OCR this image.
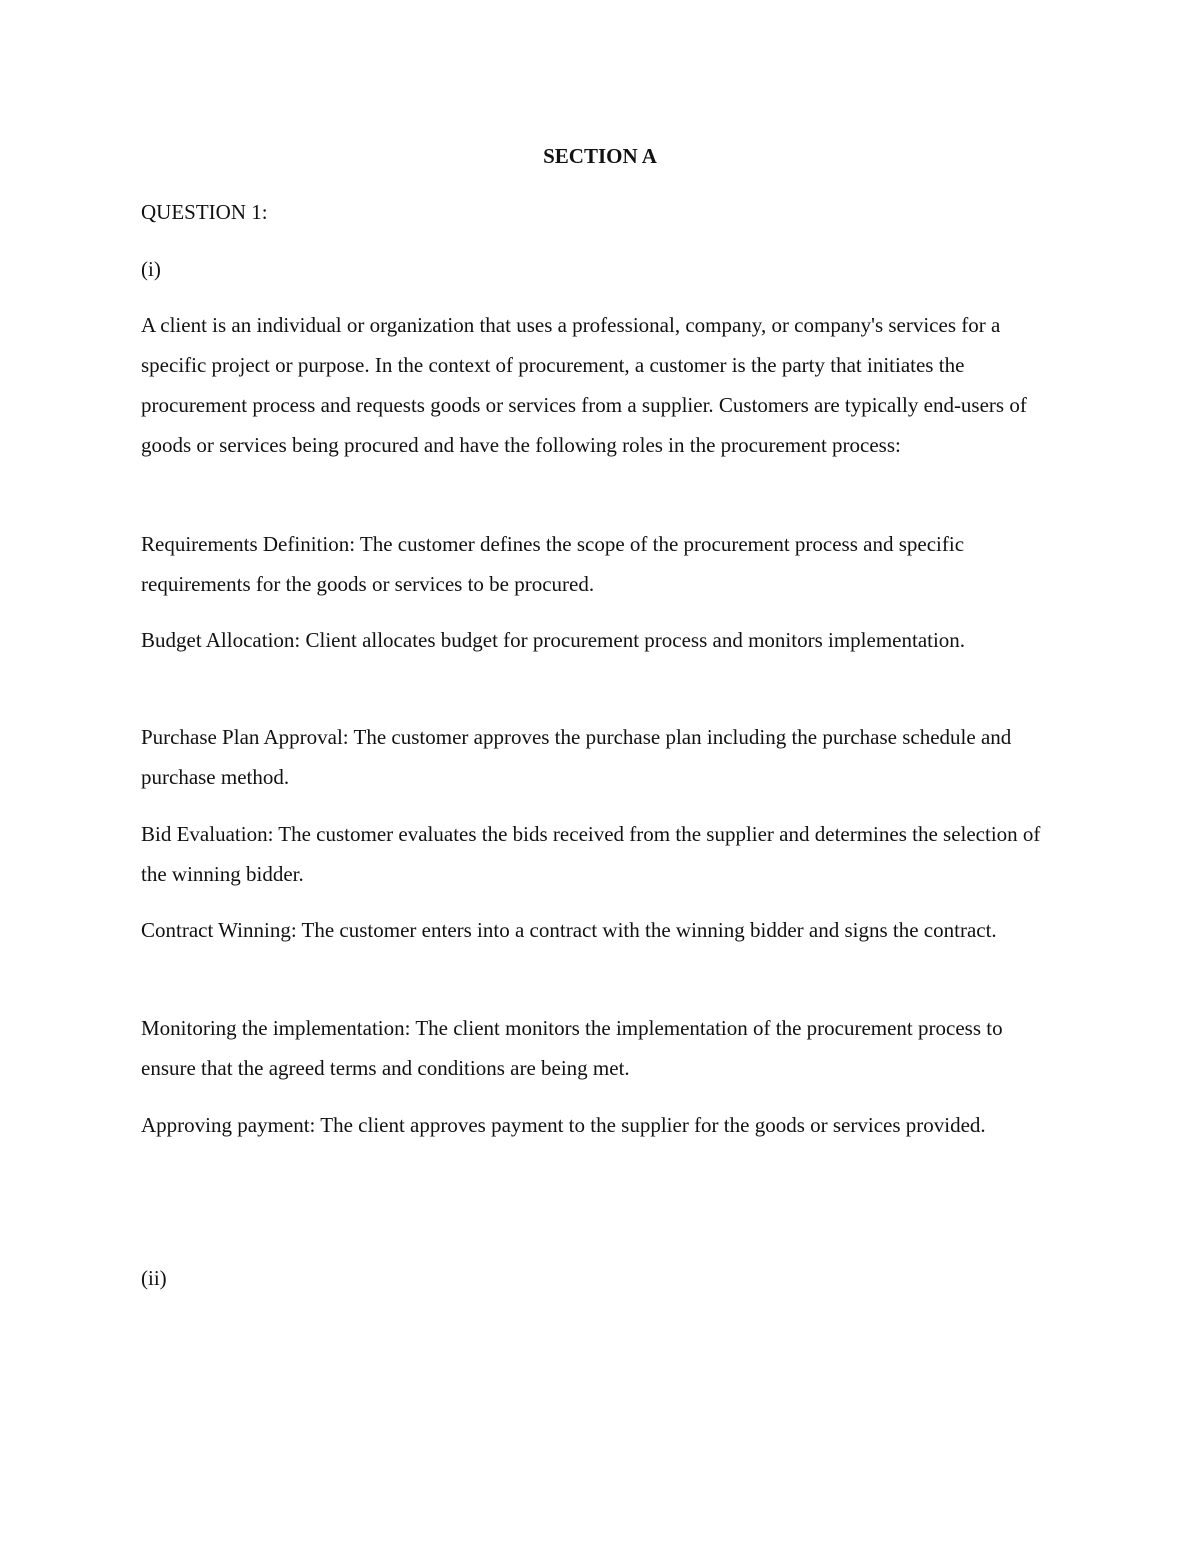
SECTION A

QUESTION 1:

(i)

A client is an individual or organization that uses a professional, company, or company's services for a specific project or purpose. In the context of procurement, a customer is the party that initiates the procurement process and requests goods or services from a supplier. Customers are typically end-users of goods or services being procured and have the following roles in the procurement process:

Requirements Definition: The customer defines the scope of the procurement process and specific requirements for the goods or services to be procured.

Budget Allocation: Client allocates budget for procurement process and monitors implementation.

Purchase Plan Approval: The customer approves the purchase plan including the purchase schedule and purchase method.

Bid Evaluation: The customer evaluates the bids received from the supplier and determines the selection of the winning bidder.

Contract Winning: The customer enters into a contract with the winning bidder and signs the contract.

Monitoring the implementation: The client monitors the implementation of the procurement process to ensure that the agreed terms and conditions are being met.

Approving payment: The client approves payment to the supplier for the goods or services provided.

(ii)
